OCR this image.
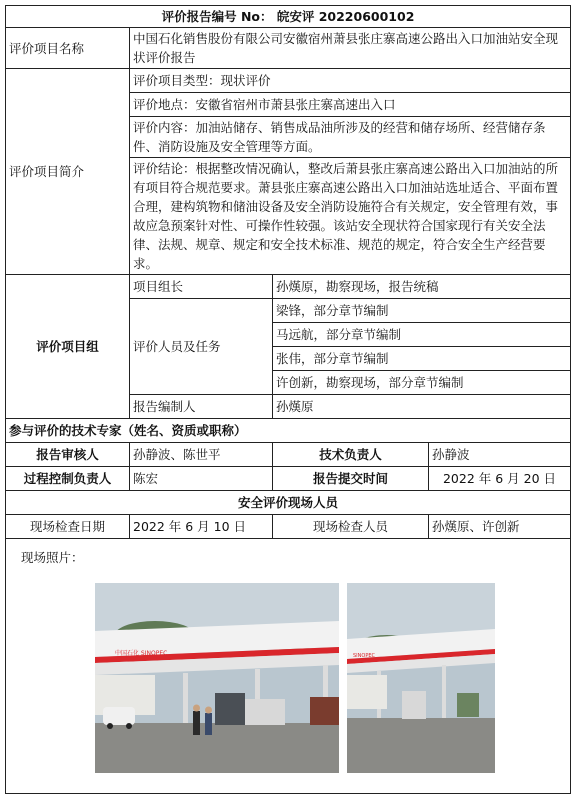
评价报告编号 No： 皖安评 20220600102			
评价项目名称	中国石化销售股份有限公司安徽宿州萧县张庄寨高速公路出入口加油站安全现状评价报告		
评价项目简介	评价项目类型：现状评价		
	评价地点：安徽省宿州市萧县张庄寨高速出入口		
	评价内容：加油站储存、销售成品油所涉及的经营和储存场所、经营储存条件、消防设施及安全管理等方面。		
	评价结论：根据整改情况确认，整改后萧县张庄寨高速公路出入口加油站的所有项目符合规范要求。萧县张庄寨高速公路出入口加油站选址适合、平面布置合理，建构筑物和储油设备及安全消防设施符合有关规定，安全管理有效，事故应急预案针对性、可操作性较强。该站安全现状符合国家现行有关安全法律、法规、规章、规定和安全技术标准、规范的规定，符合安全生产经营要求。		
评价项目组	项目组长	孙熯原，勘察现场，报告统稿	
	评价人员及任务	梁锋，部分章节编制	
		马远航，部分章节编制	
		张伟，部分章节编制	
		许创新，勘察现场，部分章节编制	
	报告编制人	孙熯原	
参与评价的技术专家（姓名、资质或职称）			
报告审核人	孙静波、陈世平	技术负责人	孙静波
过程控制负责人	陈宏	报告提交时间	2022 年 6 月 20 日
安全评价现场人员			
现场检查日期	2022 年 6 月 10 日	现场检查人员	孙熯原、许创新

现场照片：
中国石化 SINOPEC SINOPEC			
